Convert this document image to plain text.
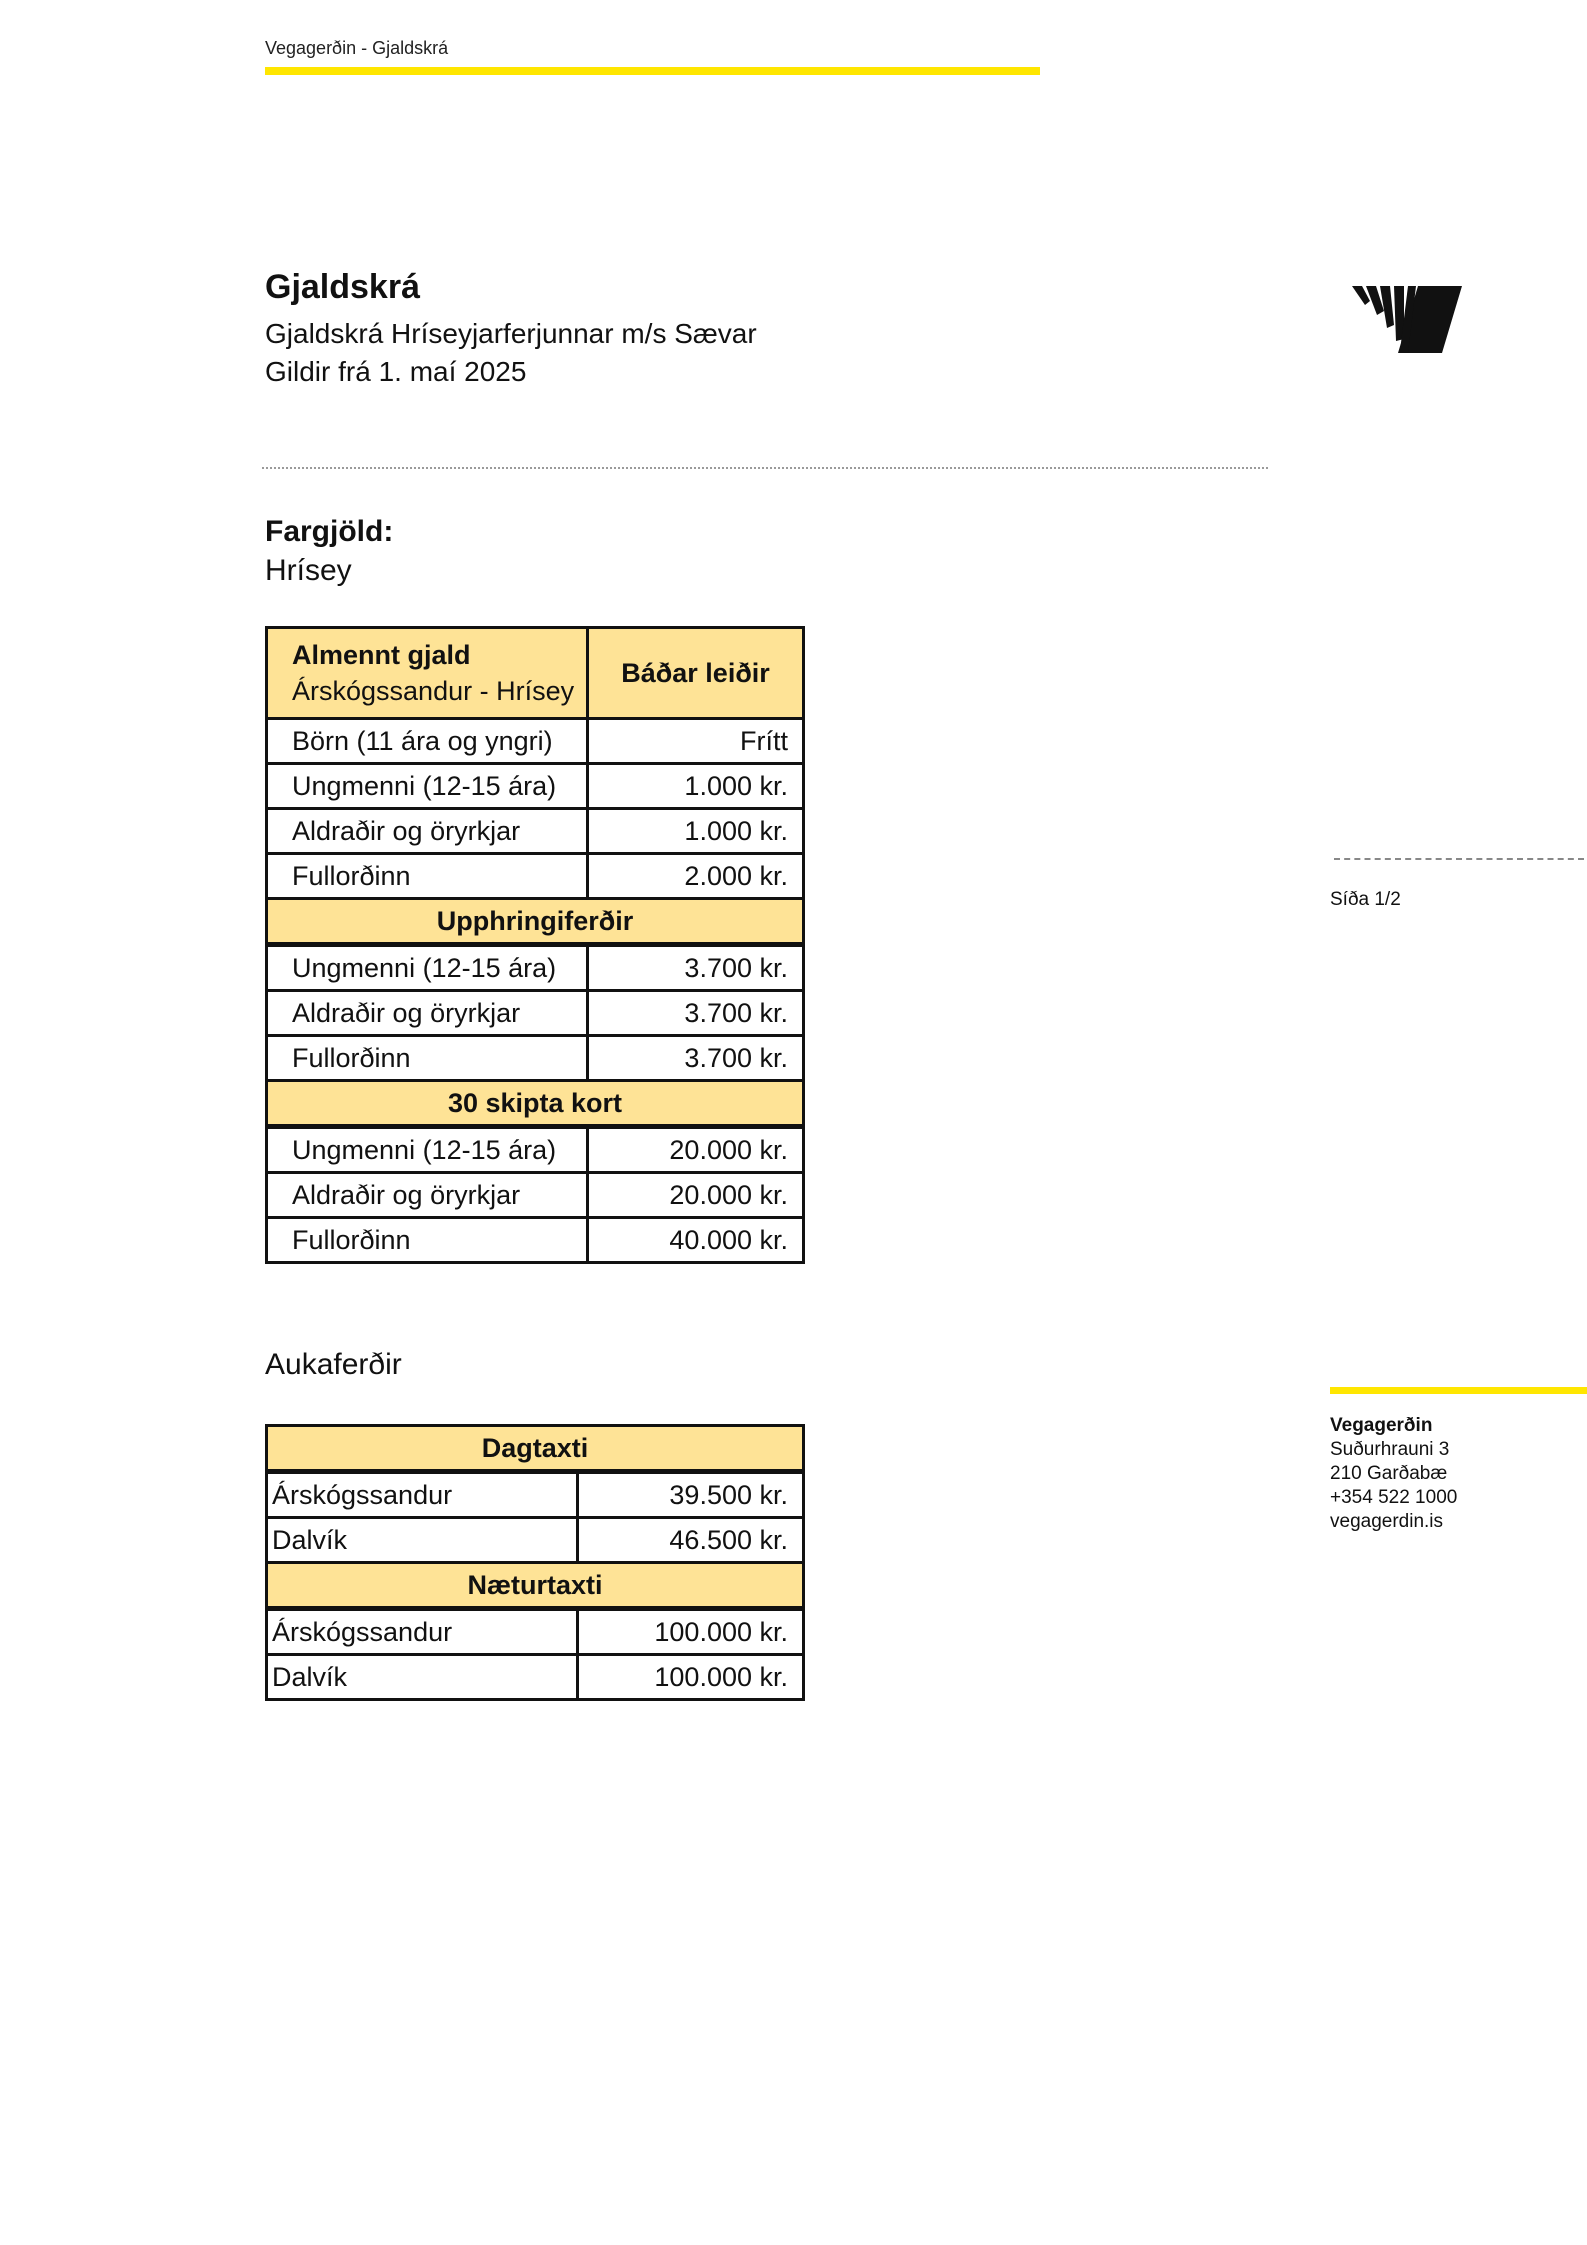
Vegagerðin - Gjaldskrá
Gjaldskrá
Gjaldskrá Hríseyjarferjunnar m/s Sævar
Gildir frá 1. maí 2025
Fargjöld:
Hrísey
Almennt gjald
Árskógssandur - Hrísey	Báðar leiðir
Börn (11 ára og yngri)	Frítt
Ungmenni (12-15 ára)	1.000 kr.
Aldraðir og öryrkjar	1.000 kr.
Fullorðinn	2.000 kr.
Upphringiferðir	
Ungmenni (12-15 ára)	3.700 kr.
Aldraðir og öryrkjar	3.700 kr.
Fullorðinn	3.700 kr.
30 skipta kort	
Ungmenni (12-15 ára)	20.000 kr.
Aldraðir og öryrkjar	20.000 kr.
Fullorðinn	40.000 kr.
Aukaferðir
Dagtaxti	
Árskógssandur	39.500 kr.
Dalvík	46.500 kr.
Næturtaxti	
Árskógssandur	100.000 kr.
Dalvík	100.000 kr.
Síða 1/2
Vegagerðin
Suðurhrauni 3
210 Garðabæ
+354 522 1000
vegagerdin.is
